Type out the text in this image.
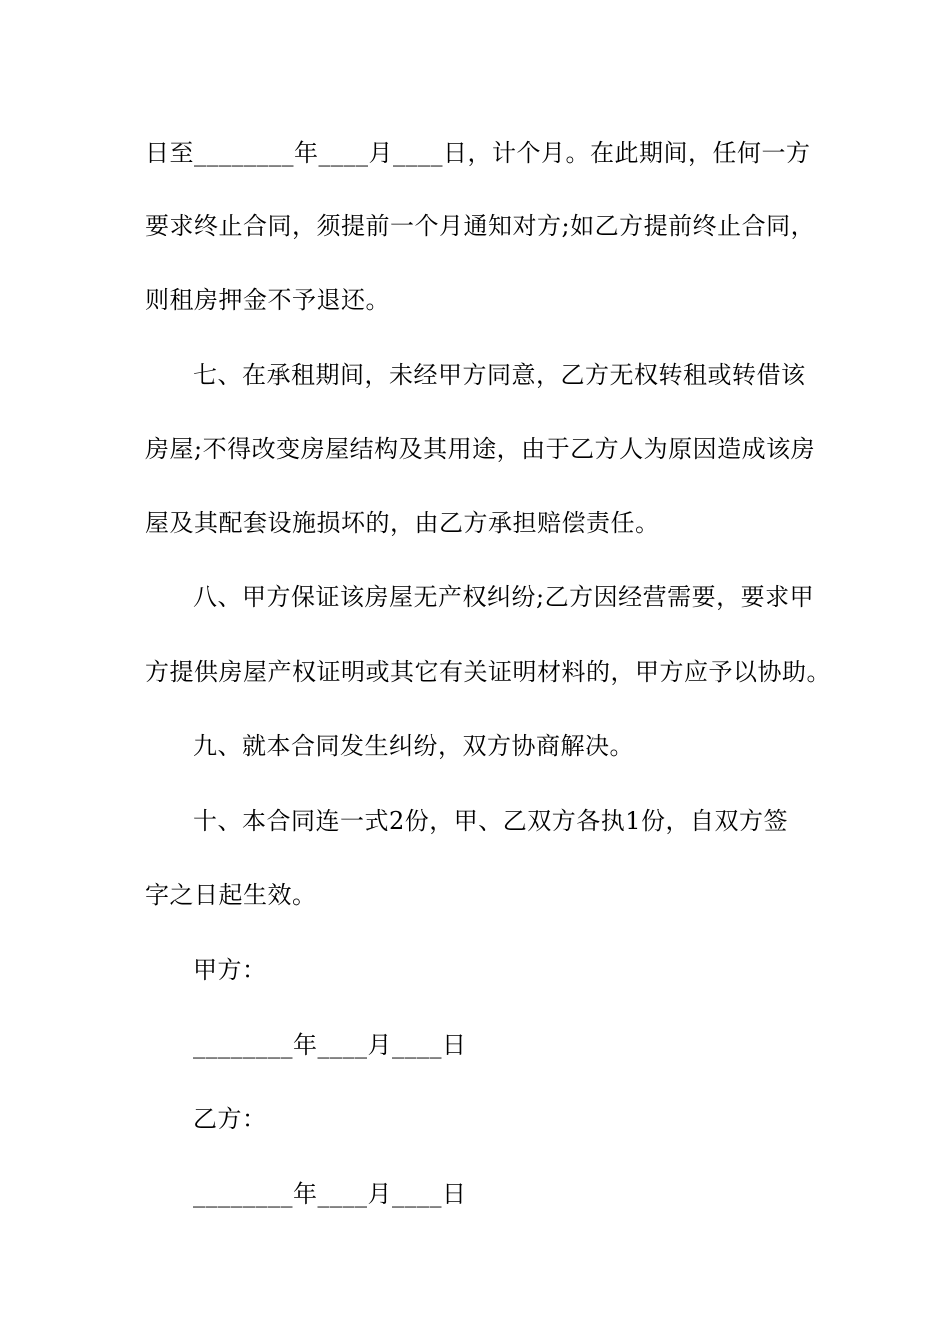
日至________年____月____日，计个月。在此期间，任何一方
要求终止合同，须提前一个月通知对方;如乙方提前终止合同，
则租房押金不予退还。
七、在承租期间，未经甲方同意，乙方无权转租或转借该
房屋;不得改变房屋结构及其用途，由于乙方人为原因造成该房
屋及其配套设施损坏的，由乙方承担赔偿责任。
八、甲方保证该房屋无产权纠纷;乙方因经营需要，要求甲
方提供房屋产权证明或其它有关证明材料的，甲方应予以协助。
九、就本合同发生纠纷，双方协商解决。
十、本合同连一式2份，甲、乙双方各执1份，自双方签
字之日起生效。
甲方：
________年____月____日
乙方：
________年____月____日
